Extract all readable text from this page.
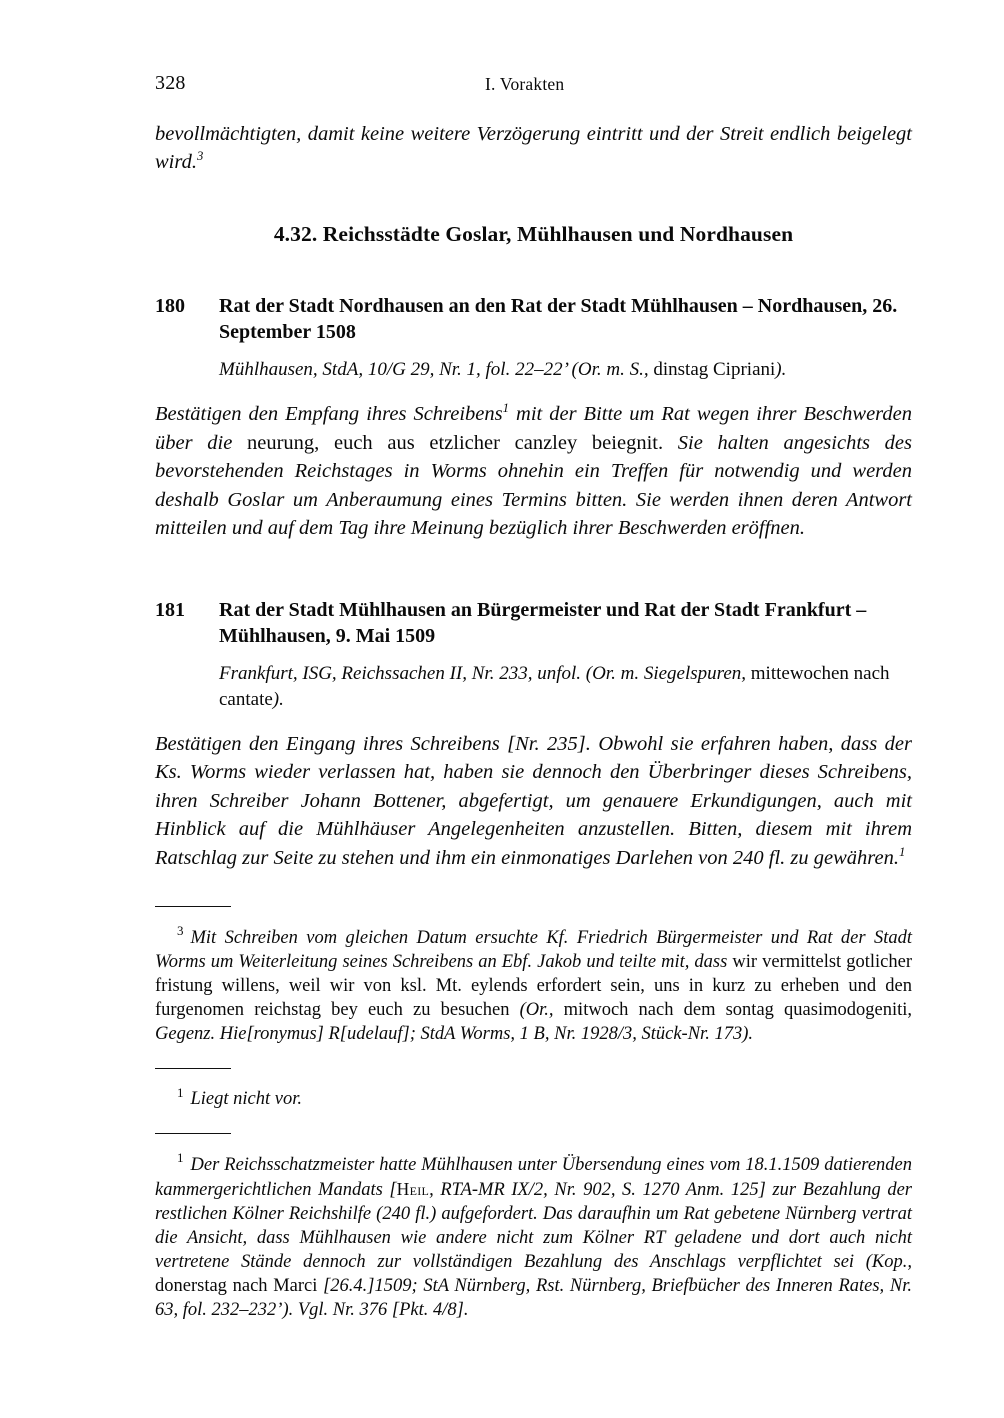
328	I. Vorakten

bevollmächtigten, damit keine weitere Verzögerung eintritt und der Streit endlich beigelegt wird.$^3$

4.32. Reichsstädte Goslar, Mühlhausen und Nordhausen
180 Rat der Stadt Nordhausen an den Rat der Stadt Mühlhausen – Nordhausen, 26. September 1508
Mühlhausen, StdA, 10/G 29, Nr. 1, fol. 22–22’ (Or. m. S., dinstag Cipriani).

Bestätigen den Empfang ihres Schreibens$^1$ mit der Bitte um Rat wegen ihrer Beschwerden über die neurung, euch aus etzlicher canzley beiegnit. Sie halten angesichts des bevorstehenden Reichstages in Worms ohnehin ein Treffen für notwendig und werden deshalb Goslar um Anberaumung eines Termins bitten. Sie werden ihnen deren Antwort mitteilen und auf dem Tag ihre Meinung bezüglich ihrer Beschwerden eröffnen.

181 Rat der Stadt Mühlhausen an Bürgermeister und Rat der Stadt Frankfurt – Mühlhausen, 9. Mai 1509
Frankfurt, ISG, Reichssachen II, Nr. 233, unfol. (Or. m. Siegelspuren, mittewochen nach cantate).

Bestätigen den Eingang ihres Schreibens [Nr. 235]. Obwohl sie erfahren haben, dass der Ks. Worms wieder verlassen hat, haben sie dennoch den Überbringer dieses Schreibens, ihren Schreiber Johann Bottener, abgefertigt, um genauere Erkundigungen, auch mit Hinblick auf die Mühlhäuser Angelegenheiten anzustellen. Bitten, diesem mit ihrem Ratschlag zur Seite zu stehen und ihm ein einmonatiges Darlehen von 240 fl. zu gewähren.$^1$

$^3$ Mit Schreiben vom gleichen Datum ersuchte Kf. Friedrich Bürgermeister und Rat der Stadt Worms um Weiterleitung seines Schreibens an Ebf. Jakob und teilte mit, dass wir vermittelst gotlicher fristung willens, weil wir von ksl. Mt. eylends erfordert sein, uns in kurz zu erheben und den furgenomen reichstag bey euch zu besuchen (Or., mitwoch nach dem sontag quasimodogeniti, Gegenz. Hie[ronymus] R[udelauf]; StdA Worms, 1 B, Nr. 1928/3, Stück-Nr. 173).

$^1$ Liegt nicht vor.

$^1$ Der Reichsschatzmeister hatte Mühlhausen unter Übersendung eines vom 18.1.1509 datierenden kammergerichtlichen Mandats [Heil, RTA-MR IX/2, Nr. 902, S. 1270 Anm. 125] zur Bezahlung der restlichen Kölner Reichshilfe (240 fl.) aufgefordert. Das daraufhin um Rat gebetene Nürnberg vertrat die Ansicht, dass Mühlhausen wie andere nicht zum Kölner RT geladene und dort auch nicht vertretene Stände dennoch zur vollständigen Bezahlung des Anschlags verpflichtet sei (Kop., donerstag nach Marci [26.4.]1509; StA Nürnberg, Rst. Nürnberg, Briefbücher des Inneren Rates, Nr. 63, fol. 232–232’). Vgl. Nr. 376 [Pkt. 4/8].
